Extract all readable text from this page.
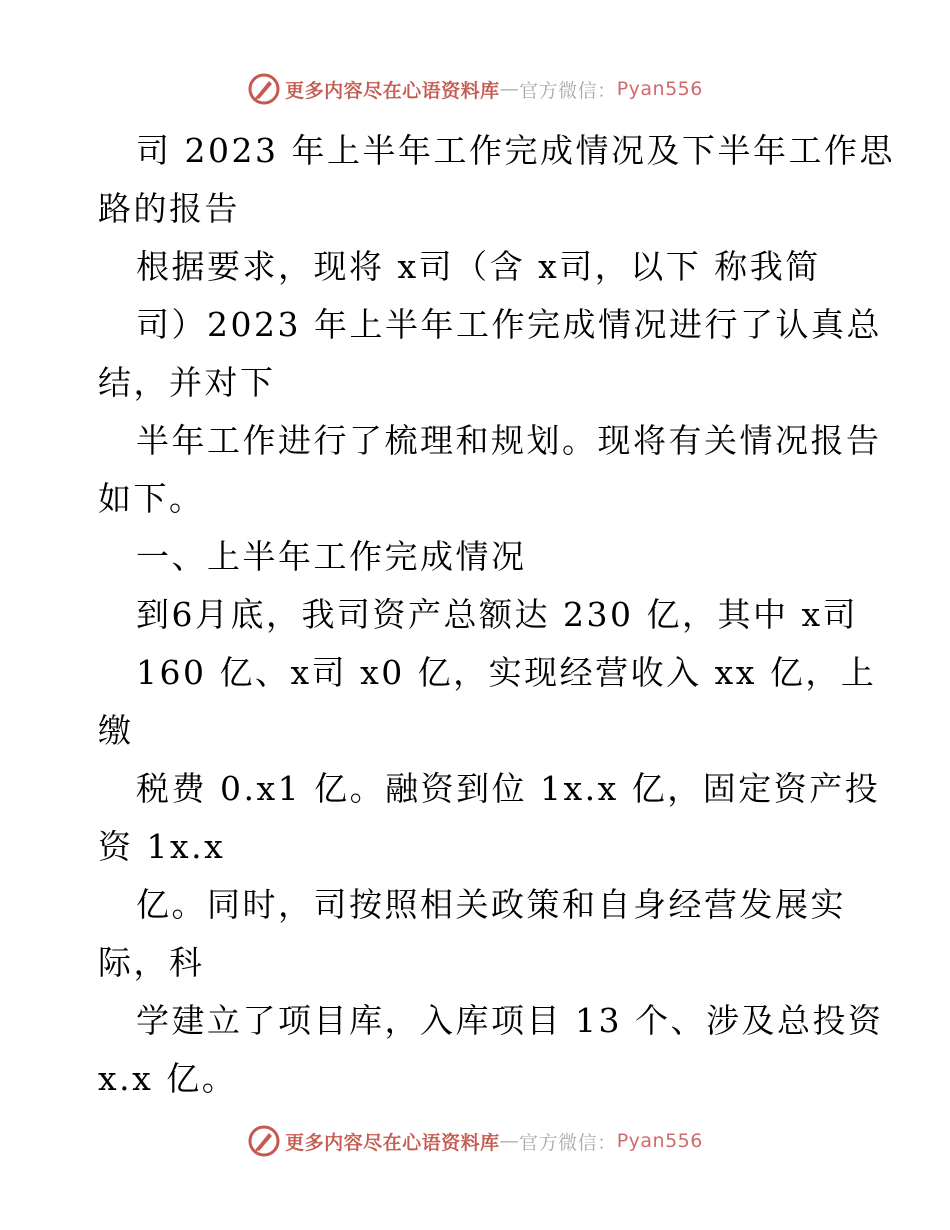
更多内容尽在心语资料库 — 官方微信： Pyan556
司 2023 年上半年工作完成情况及下半年工作思
路的报告
根据要求，现将 x司（含 x司，以下 称我简
司）2023 年上半年工作完成情况进行了认真总
结，并对下
半年工作进行了梳理和规划。现将有关情况报告
如下。
一、上半年工作完成情况
到6月底，我司资产总额达 230 亿，其中 x司
160 亿、x司 x0 亿，实现经营收入 xx 亿，上
缴
税费 0.x1 亿。融资到位 1x.x 亿，固定资产投
资 1x.x
亿。同时，司按照相关政策和自身经营发展实
际，科
学建立了项目库，入库项目 13 个、涉及总投资
x.x 亿。
更多内容尽在心语资料库 — 官方微信： Pyan556
